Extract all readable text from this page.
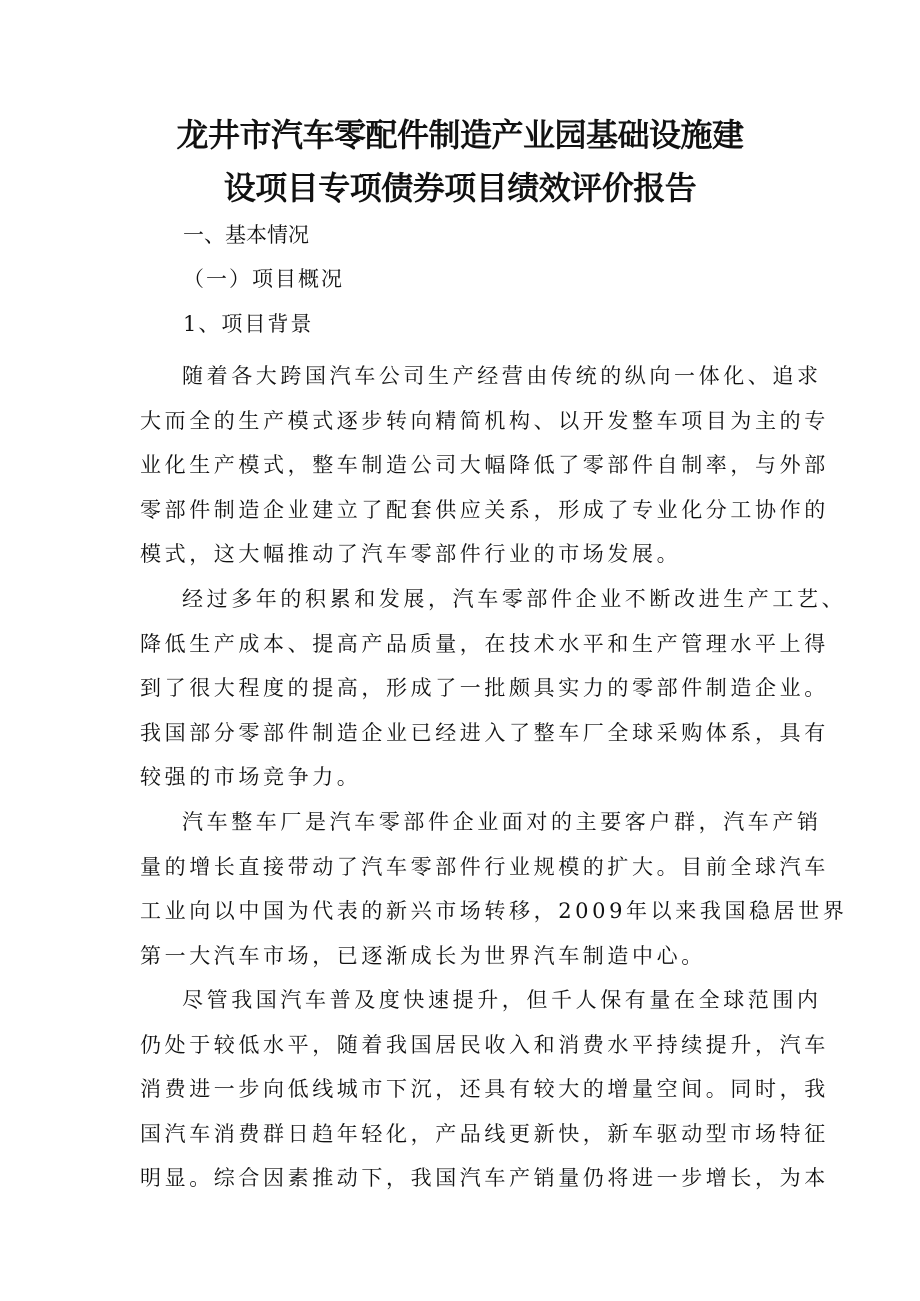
龙井市汽车零配件制造产业园基础设施建
设项目专项债券项目绩效评价报告
一、基本情况
（一）项目概况
1、项目背景
随着各大跨国汽车公司生产经营由传统的纵向一体化、追求
大而全的生产模式逐步转向精简机构、以开发整车项目为主的专
业化生产模式，整车制造公司大幅降低了零部件自制率，与外部
零部件制造企业建立了配套供应关系，形成了专业化分工协作的
模式，这大幅推动了汽车零部件行业的市场发展。
经过多年的积累和发展，汽车零部件企业不断改进生产工艺、
降低生产成本、提高产品质量，在技术水平和生产管理水平上得
到了很大程度的提高，形成了一批颇具实力的零部件制造企业。
我国部分零部件制造企业已经进入了整车厂全球采购体系，具有
较强的市场竞争力。
汽车整车厂是汽车零部件企业面对的主要客户群，汽车产销
量的增长直接带动了汽车零部件行业规模的扩大。目前全球汽车
工业向以中国为代表的新兴市场转移，2009年以来我国稳居世界
第一大汽车市场，已逐渐成长为世界汽车制造中心。
尽管我国汽车普及度快速提升，但千人保有量在全球范围内
仍处于较低水平，随着我国居民收入和消费水平持续提升，汽车
消费进一步向低线城市下沉，还具有较大的增量空间。同时，我
国汽车消费群日趋年轻化，产品线更新快，新车驱动型市场特征
明显。综合因素推动下，我国汽车产销量仍将进一步增长，为本
